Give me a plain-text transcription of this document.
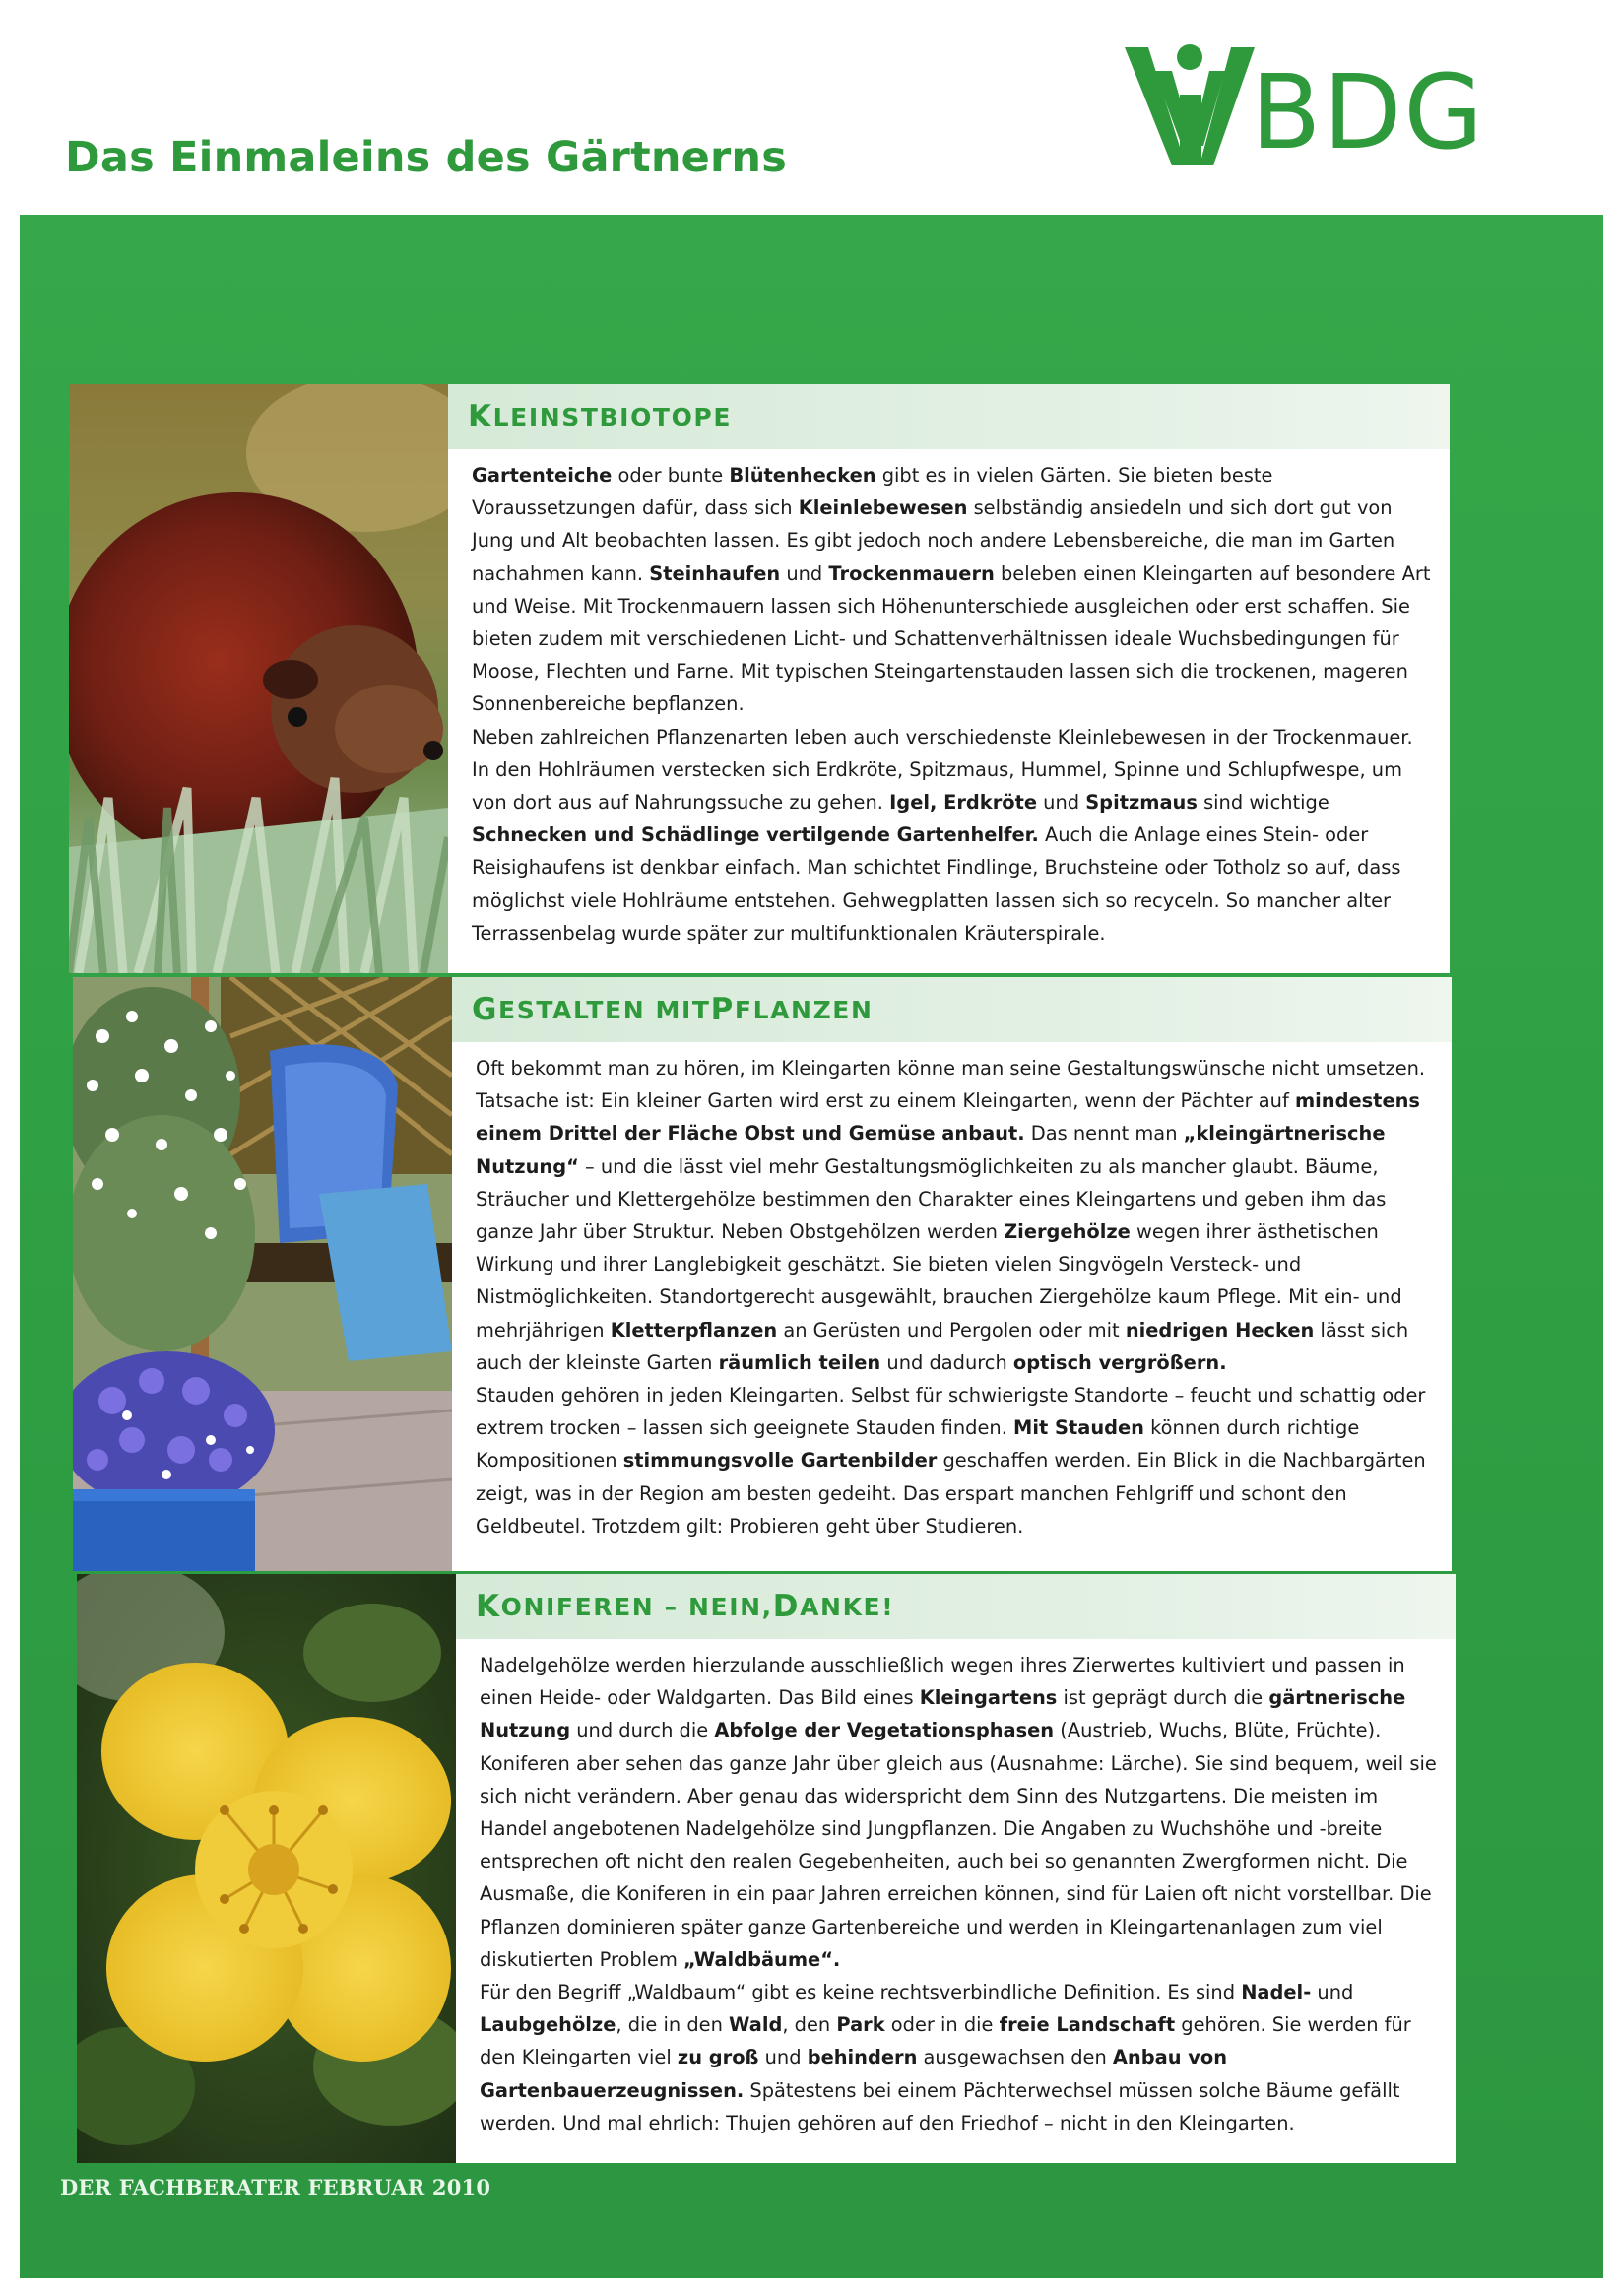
Das Einmaleins des Gärtnerns	BDG
K LEINSTBIOTOPE

Gartenteiche oder bunte Blütenhecken gibt es in vielen Gärten. Sie bieten beste Voraussetzungen dafür, dass sich Kleinlebewesen selbständig ansiedeln und sich dort gut von Jung und Alt beobachten lassen. Es gibt jedoch noch andere Lebensbereiche, die man im Garten nachahmen kann. Steinhaufen und Trockenmauern beleben einen Kleingarten auf besondere Art und Weise. Mit Trockenmauern lassen sich Höhenunterschiede ausgleichen oder erst schaffen. Sie bieten zudem mit verschiedenen Licht- und Schattenverhältnissen ideale Wuchsbedingungen für Moose, Flechten und Farne. Mit typischen Steingartenstauden lassen sich die trockenen, mageren Sonnenbereiche bepflanzen.

Neben zahlreichen Pflanzenarten leben auch verschiedenste Kleinlebewesen in der Trockenmauer. In den Hohlräumen verstecken sich Erdkröte, Spitzmaus, Hummel, Spinne und Schlupfwespe, um von dort aus auf Nahrungssuche zu gehen. Igel, Erdkröte und Spitzmaus sind wichtige Schnecken und Schädlinge vertilgende Gartenhelfer. Auch die Anlage eines Stein- oder Reisighaufens ist denkbar einfach. Man schichtet Findlinge, Bruchsteine oder Totholz so auf, dass möglichst viele Hohlräume entstehen. Gehwegplatten lassen sich so recyceln. So mancher alter Terrassenbelag wurde später zur multifunktionalen Kräuterspirale.

G ESTALTEN MIT P FLANZEN

Oft bekommt man zu hören, im Kleingarten könne man seine Gestaltungswünsche nicht umsetzen. Tatsache ist: Ein kleiner Garten wird erst zu einem Kleingarten, wenn der Pächter auf mindestens einem Drittel der Fläche Obst und Gemüse anbaut. Das nennt man „kleingärtnerische Nutzung“ – und die lässt viel mehr Gestaltungsmöglichkeiten zu als mancher glaubt. Bäume, Sträucher und Klettergehölze bestimmen den Charakter eines Kleingartens und geben ihm das ganze Jahr über Struktur. Neben Obstgehölzen werden Ziergehölze wegen ihrer ästhetischen Wirkung und ihrer Langlebigkeit geschätzt. Sie bieten vielen Singvögeln Versteck- und Nistmöglichkeiten. Standortgerecht ausgewählt, brauchen Ziergehölze kaum Pflege. Mit ein- und mehrjährigen Kletterpflanzen an Gerüsten und Pergolen oder mit niedrigen Hecken lässt sich auch der kleinste Garten räumlich teilen und dadurch optisch vergrößern.

Stauden gehören in jeden Kleingarten. Selbst für schwierigste Standorte – feucht und schattig oder extrem trocken – lassen sich geeignete Stauden finden. Mit Stauden können durch richtige Kompositionen stimmungsvolle Gartenbilder geschaffen werden. Ein Blick in die Nachbargärten zeigt, was in der Region am besten gedeiht. Das erspart manchen Fehlgriff und schont den Geldbeutel. Trotzdem gilt: Probieren geht über Studieren.

K ONIFEREN – NEIN, D ANKE!

Nadelgehölze werden hierzulande ausschließlich wegen ihres Zierwertes kultiviert und passen in einen Heide- oder Waldgarten. Das Bild eines Kleingartens ist geprägt durch die gärtnerische Nutzung und durch die Abfolge der Vegetationsphasen (Austrieb, Wuchs, Blüte, Früchte). Koniferen aber sehen das ganze Jahr über gleich aus (Ausnahme: Lärche). Sie sind bequem, weil sie sich nicht verändern. Aber genau das widerspricht dem Sinn des Nutzgartens. Die meisten im Handel angebotenen Nadelgehölze sind Jungpflanzen. Die Angaben zu Wuchshöhe und -breite entsprechen oft nicht den realen Gegebenheiten, auch bei so genannten Zwergformen nicht. Die Ausmaße, die Koniferen in ein paar Jahren erreichen können, sind für Laien oft nicht vorstellbar. Die Pflanzen dominieren später ganze Gartenbereiche und werden in Kleingartenanlagen zum viel diskutierten Problem „Waldbäume“.

Für den Begriff „Waldbaum“ gibt es keine rechtsverbindliche Definition. Es sind Nadel- und Laubgehölze, die in den Wald, den Park oder in die freie Landschaft gehören. Sie werden für den Kleingarten viel zu groß und behindern ausgewachsen den Anbau von Gartenbauerzeugnissen. Spätestens bei einem Pächterwechsel müssen solche Bäume gefällt werden. Und mal ehrlich: Thujen gehören auf den Friedhof – nicht in den Kleingarten.

DER FACHBERATER FEBRUAR 2010
